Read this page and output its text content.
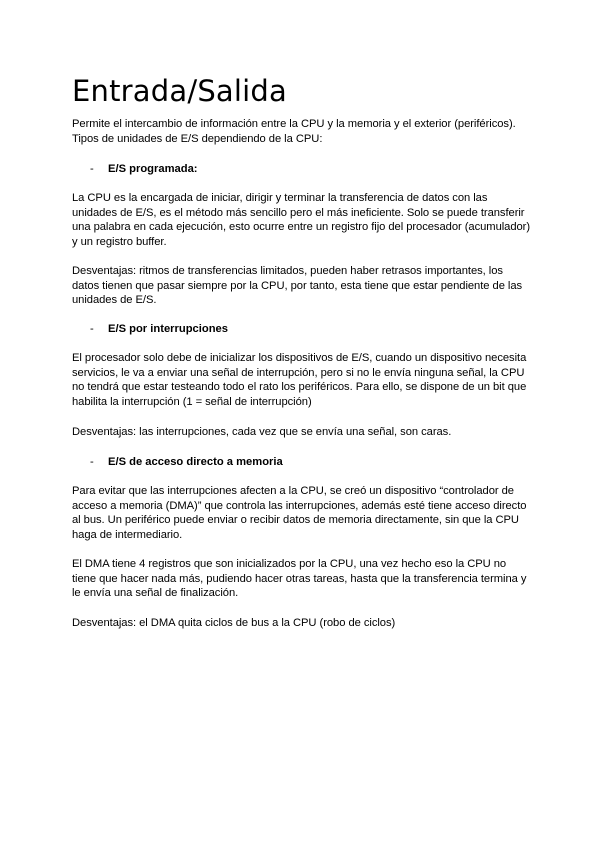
Entrada/Salida

Permite el intercambio de información entre la CPU y la memoria y el exterior (periféricos).

Tipos de unidades de E/S dependiendo de la CPU:

- E/S programada:

La CPU es la encargada de iniciar, dirigir y terminar la transferencia de datos con las unidades de E/S, es el método más sencillo pero el más ineficiente. Solo se puede transferir una palabra en cada ejecución, esto ocurre entre un registro fijo del procesador (acumulador) y un registro buffer.

Desventajas: ritmos de transferencias limitados, pueden haber retrasos importantes, los datos tienen que pasar siempre por la CPU, por tanto, esta tiene que estar pendiente de las unidades de E/S.

- E/S por interrupciones

El procesador solo debe de inicializar los dispositivos de E/S, cuando un dispositivo necesita servicios, le va a enviar una señal de interrupción, pero si no le envía ninguna señal, la CPU no tendrá que estar testeando todo el rato los periféricos. Para ello, se dispone de un bit que habilita la interrupción (1 = señal de interrupción)

Desventajas: las interrupciones, cada vez que se envía una señal, son caras.

- E/S de acceso directo a memoria

Para evitar que las interrupciones afecten a la CPU, se creó un dispositivo “controlador de acceso a memoria (DMA)” que controla las interrupciones, además esté tiene acceso directo al bus. Un periférico puede enviar o recibir datos de memoria directamente, sin que la CPU haga de intermediario.

El DMA tiene 4 registros que son inicializados por la CPU, una vez hecho eso la CPU no tiene que hacer nada más, pudiendo hacer otras tareas, hasta que la transferencia termina y le envía una señal de finalización.

Desventajas: el DMA quita ciclos de bus a la CPU (robo de ciclos)
